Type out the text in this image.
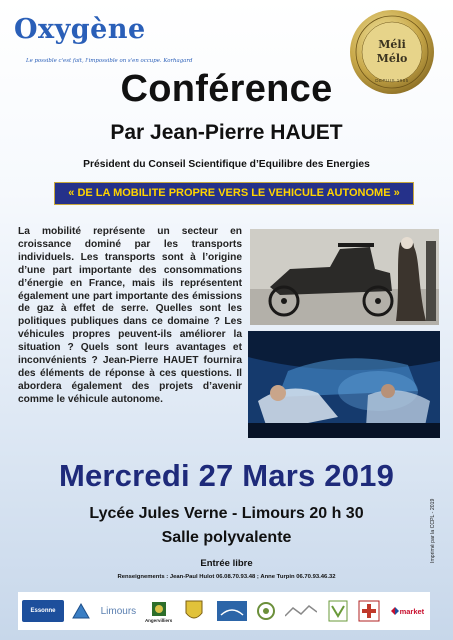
Oxygène
Le possible c'est fait, l'impossible on s'en occupe. Korhagard
Méli
Mélo
DEPUIS 1985
Conférence
Par Jean-Pierre HAUET
Président du Conseil Scientifique d’Equilibre des Energies
« DE LA MOBILITE PROPRE VERS LE VEHICULE AUTONOME »
La mobilité représente un secteur en croissance dominé par les transports individuels. Les transports sont à l’origine d’une part importante des consommations d’énergie en France, mais ils représentent également une part importante des émissions de gaz à effet de serre. Quelles sont les politiques publiques dans ce domaine ? Les véhicules propres peuvent-ils améliorer la situation ? Quels sont leurs avantages et inconvénients ? Jean-Pierre HAUET fournira des éléments de réponse à ces questions. Il abordera également des projets d’avenir comme le véhicule autonome.
Mercredi 27 Mars 2019
Lycée Jules Verne - Limours 20 h 30
Salle polyvalente
Entrée libre
Renseignements : Jean-Paul Hulot 06.08.70.93.48 ; Anne Turpin 06.70.93.46.32
Imprimé par la CCPL - 2019
Essonne	Limours
Angervilliers
market
